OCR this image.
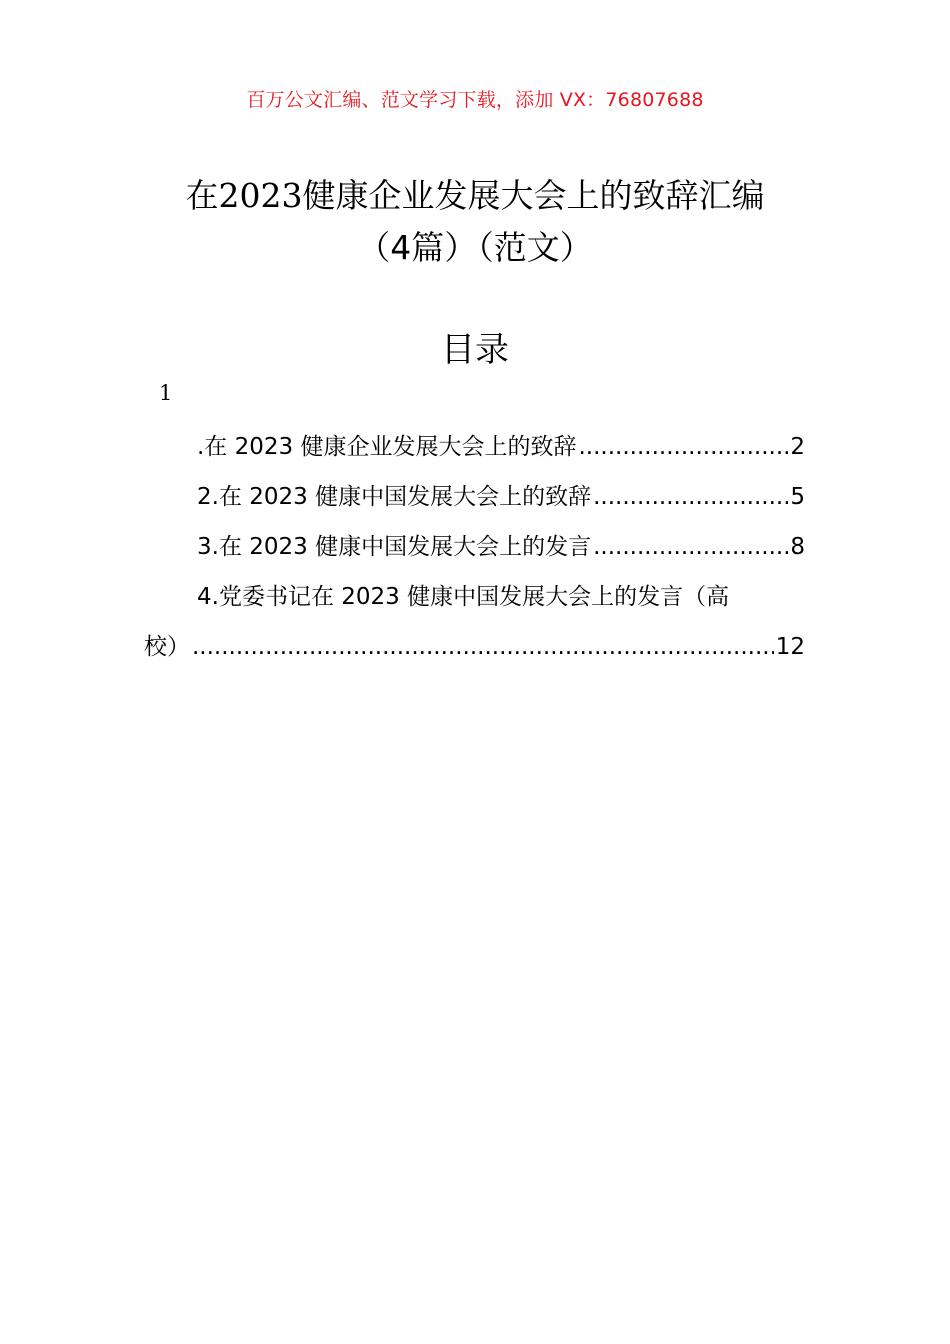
百万公文汇编、范文学习下载，添加 VX：76807688
在2023健康企业发展大会上的致辞汇编
（4篇）（范文）
目录
1
.在 2023 健康企业发展大会上的致辞 .....	2
2.在 2023 健康中国发展大会上的致辞 .....	5
3.在 2023 健康中国发展大会上的发言 .....	8
4.党委书记在 2023 健康中国发展大会上的发言（高
校） .....	12
